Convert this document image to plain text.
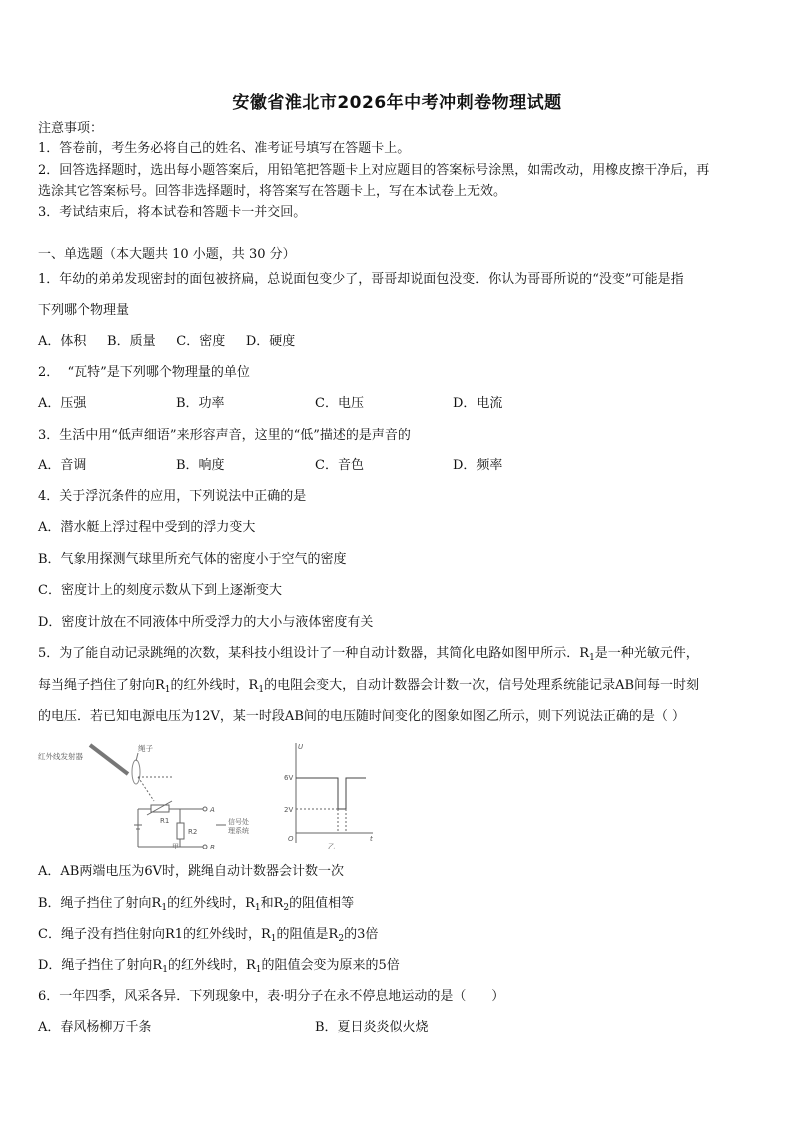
安徽省淮北市2026年中考冲刺卷物理试题
注意事项：
1．答卷前，考生务必将自己的姓名、准考证号填写在答题卡上。
2．回答选择题时，选出每小题答案后，用铅笔把答题卡上对应题目的答案标号涂黑，如需改动，用橡皮擦干净后，再
选涂其它答案标号。回答非选择题时，将答案写在答题卡上，写在本试卷上无效。
3．考试结束后，将本试卷和答题卡一并交回。
一、单选题（本大题共 10 小题，共 30 分）
1．年幼的弟弟发现密封的面包被挤扁，总说面包变少了，哥哥却说面包没变．你认为哥哥所说的“没变”可能是指
下列哪个物理量
A．体积     B．质量     C．密度     D．硬度
2．  “瓦特”是下列哪个物理量的单位
A．压强	B．功率	C．电压	D．电流
3．生活中用“低声细语”来形容声音，这里的“低”描述的是声音的
A．音调	B．响度	C．音色	D．频率
4．关于浮沉条件的应用，下列说法中正确的是
A．潜水艇上浮过程中受到的浮力变大
B．气象用探测气球里所充气体的密度小于空气的密度
C．密度计上的刻度示数从下到上逐渐变大
D．密度计放在不同液体中所受浮力的大小与液体密度有关
5．为了能自动记录跳绳的次数，某科技小组设计了一种自动计数器，其简化电路如图甲所示．$R_1$是一种光敏元件，
每当绳子挡住了射向$R_1$的红外线时，$R_1$的电阻会变大，自动计数器会计数一次，信号处理系统能记录AB间每一时刻
的电压．若已知电源电压为12V，某一时段AB间的电压随时间变化的图象如图乙所示，则下列说法正确的是（ ）
红外线发射器
绳子
R1
R2
A
B
信号处
理系统
U
6V
2V
O	t
甲	乙
A．AB两端电压为6V时，跳绳自动计数器会计数一次
B．绳子挡住了射向$R_1$的红外线时，$R_1$和$R_2$的阻值相等
C．绳子没有挡住射向R1的红外线时，$R_1$的阻值是$R_2$的3倍
D．绳子挡住了射向$R_1$的红外线时，$R_1$的阻值会变为原来的5倍
6．一年四季，风采各异．下列现象中，表·明分子在永不停息地运动的是（      ）
A．春风杨柳万千条	B．夏日炎炎似火烧
